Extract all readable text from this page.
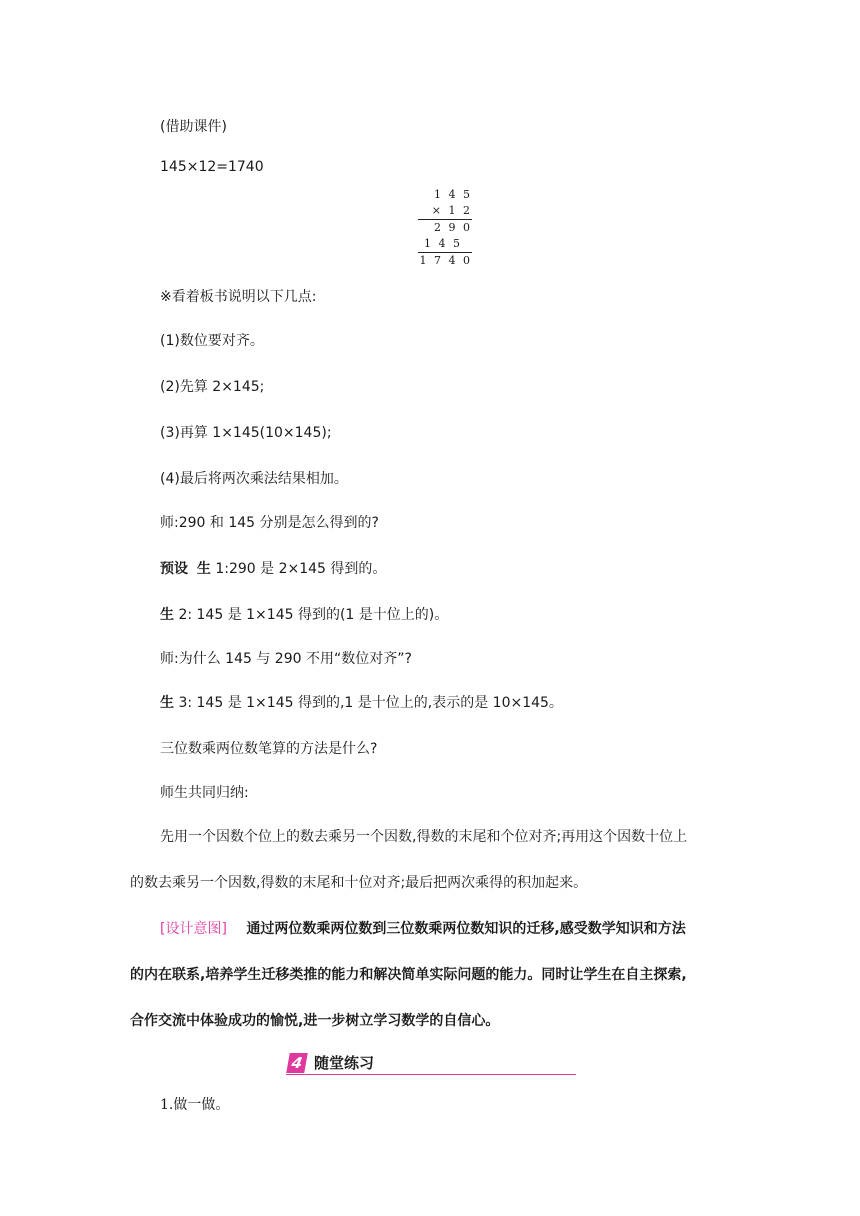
(借助课件)
145×12=1740
1 4 5
× 1 2
2 9 0
1 4 5
1 7 4 0
※看着板书说明以下几点:
(1)数位要对齐。
(2)先算 2×145;
(3)再算 1×145(10×145);
(4)最后将两次乘法结果相加。
师:290 和 145 分别是怎么得到的?
预设 生 1:290 是 2×145 得到的。
生 2: 145 是 1×145 得到的(1 是十位上的)。
师:为什么 145 与 290 不用“数位对齐”?
生 3: 145 是 1×145 得到的,1 是十位上的,表示的是 10×145。
三位数乘两位数笔算的方法是什么?
师生共同归纳:
先用一个因数个位上的数去乘另一个因数,得数的末尾和个位对齐;再用这个因数十位上
的数去乘另一个因数,得数的末尾和十位对齐;最后把两次乘得的积加起来。
[设计意图] 通过两位数乘两位数到三位数乘两位数知识的迁移,感受数学知识和方法
的内在联系,培养学生迁移类推的能力和解决简单实际问题的能力。同时让学生在自主探索,
合作交流中体验成功的愉悦,进一步树立学习数学的自信心。
4 随堂练习
1.做一做。
